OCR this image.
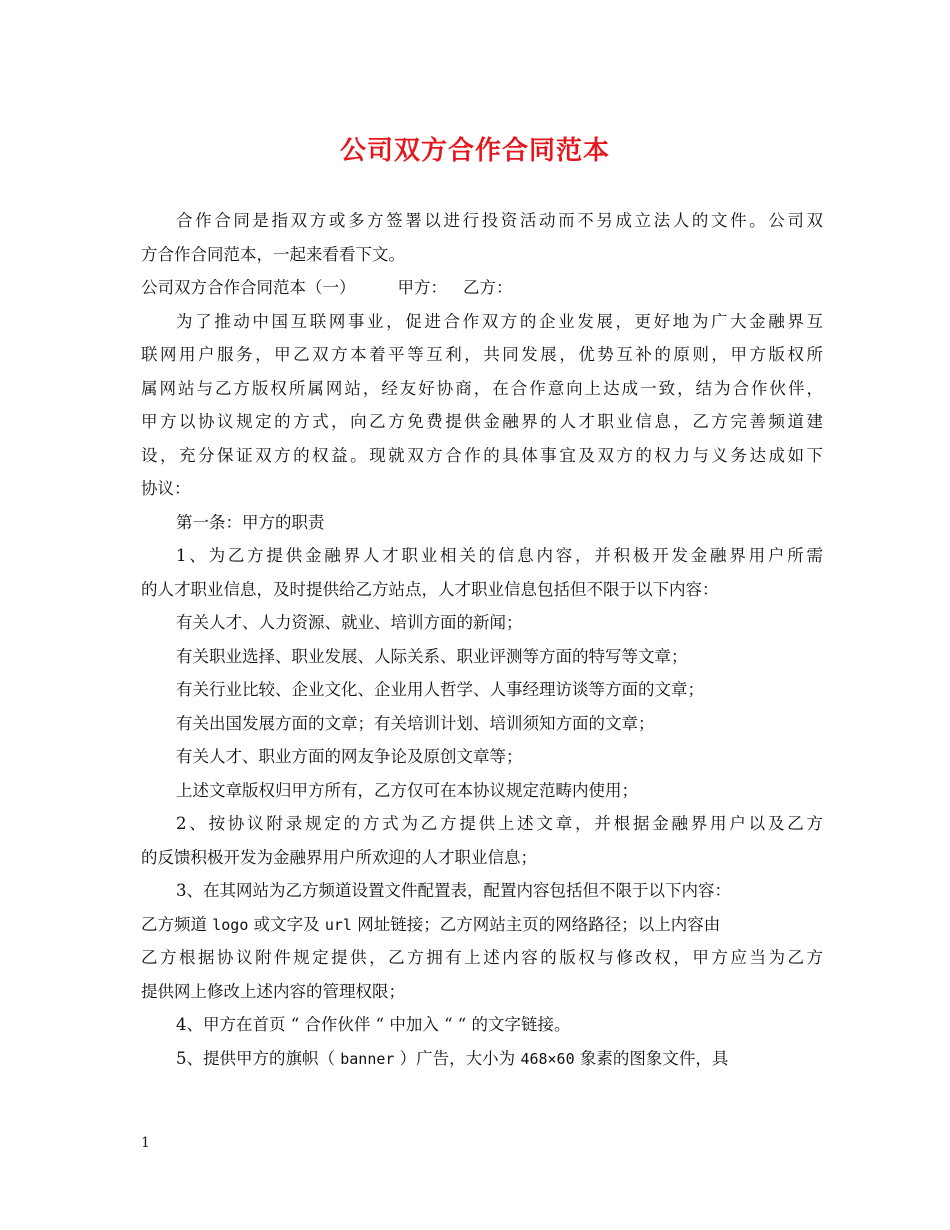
公司双方合作合同范本
合作合同是指双方或多方签署以进行投资活动而不另成立法人的文件。公司双
方合作合同范本，一起来看看下文。
公司双方合作合同范本（一）	甲方： 乙方：
为了推动中国互联网事业，促进合作双方的企业发展，更好地为广大金融界互
联网用户服务，甲乙双方本着平等互利，共同发展，优势互补的原则，甲方版权所
属网站与乙方版权所属网站，经友好协商，在合作意向上达成一致，结为合作伙伴，
甲方以协议规定的方式，向乙方免费提供金融界的人才职业信息，乙方完善频道建
设，充分保证双方的权益。现就双方合作的具体事宜及双方的权力与义务达成如下
协议：
第一条：甲方的职责
1、为乙方提供金融界人才职业相关的信息内容，并积极开发金融界用户所需
的人才职业信息，及时提供给乙方站点，人才职业信息包括但不限于以下内容：
有关人才、人力资源、就业、培训方面的新闻；
有关职业选择、职业发展、人际关系、职业评测等方面的特写等文章；
有关行业比较、企业文化、企业用人哲学、人事经理访谈等方面的文章；
有关出国发展方面的文章；有关培训计划、培训须知方面的文章；
有关人才、职业方面的网友争论及原创文章等；
上述文章版权归甲方所有，乙方仅可在本协议规定范畴内使用；
2、按协议附录规定的方式为乙方提供上述文章，并根据金融界用户以及乙方
的反馈积极开发为金融界用户所欢迎的人才职业信息；
3、在其网站为乙方频道设置文件配置表，配置内容包括但不限于以下内容：
乙方频道 logo 或文字及 url 网址链接；乙方网站主页的网络路径；以上内容由
乙方根据协议附件规定提供，乙方拥有上述内容的版权与修改权，甲方应当为乙方
提供网上修改上述内容的管理权限；
4、甲方在首页 “ 合作伙伴 “ 中加入 “ “ 的文字链接。
5、提供甲方的旗帜（ banner ）广告，大小为 468×60 象素的图象文件，具
1
